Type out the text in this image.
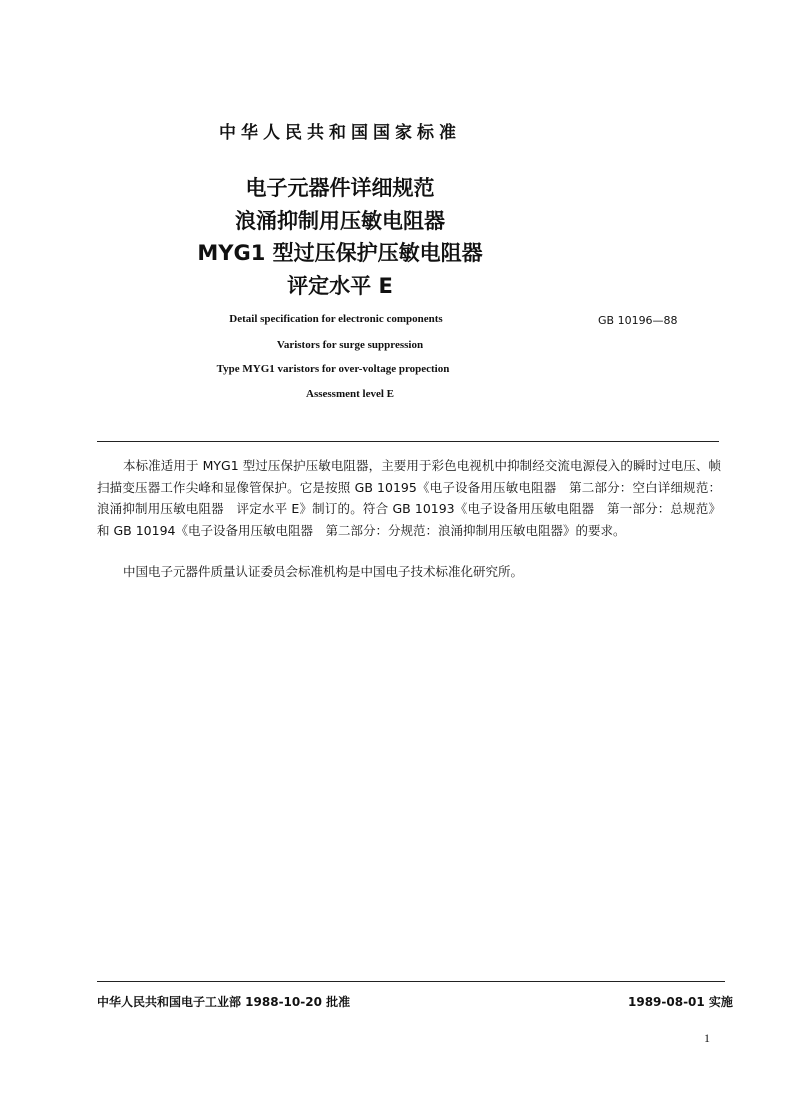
中华人民共和国国家标准
电子元器件详细规范
浪涌抑制用压敏电阻器
MYG1 型过压保护压敏电阻器
评定水平 E
Detail specification for electronic components
Varistors for surge suppression
Type MYG1 varistors for over-voltage propection
Assessment level E
GB 10196—88
本标准适用于 MYG1 型过压保护压敏电阻器，主要用于彩色电视机中抑制经交流电源侵入的瞬时过电压、帧扫描变压器工作尖峰和显像管保护。它是按照 GB 10195《电子设备用压敏电阻器　第二部分：空白详细规范：浪涌抑制用压敏电阻器　评定水平 E》制订的。符合 GB 10193《电子设备用压敏电阻器　第一部分：总规范》和 GB 10194《电子设备用压敏电阻器　第二部分：分规范：浪涌抑制用压敏电阻器》的要求。
中国电子元器件质量认证委员会标准机构是中国电子技术标准化研究所。
中华人民共和国电子工业部 1988-10-20 批准	1989-08-01 实施
1
